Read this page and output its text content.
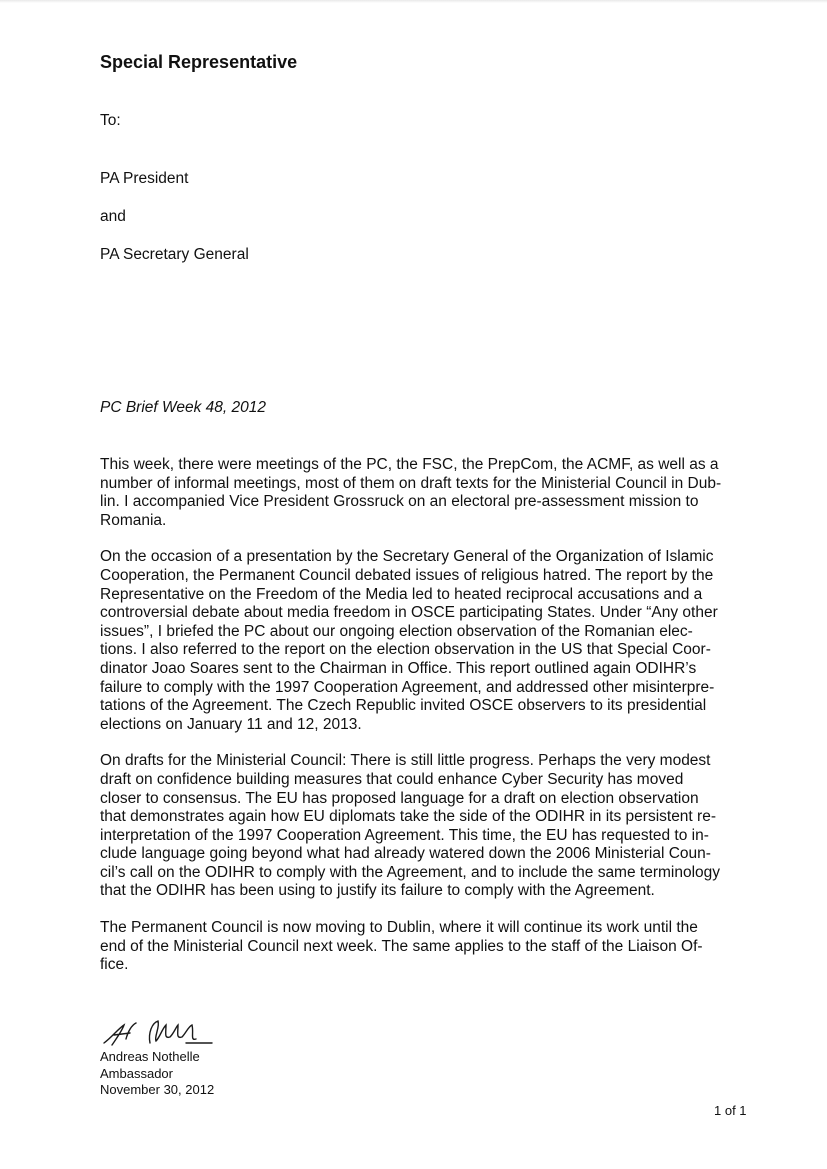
Special Representative

To:

PA President

and

PA Secretary General

PC Brief Week 48, 2012

This week, there were meetings of the PC, the FSC, the PrepCom, the ACMF, as well as a
number of informal meetings, most of them on draft texts for the Ministerial Council in Dub-
lin. I accompanied Vice President Grossruck on an electoral pre-assessment mission to
Romania.

On the occasion of a presentation by the Secretary General of the Organization of Islamic
Cooperation, the Permanent Council debated issues of religious hatred. The report by the
Representative on the Freedom of the Media led to heated reciprocal accusations and a
controversial debate about media freedom in OSCE participating States. Under “Any other
issues”, I briefed the PC about our ongoing election observation of the Romanian elec-
tions. I also referred to the report on the election observation in the US that Special Coor-
dinator Joao Soares sent to the Chairman in Office. This report outlined again ODIHR’s
failure to comply with the 1997 Cooperation Agreement, and addressed other misinterpre-
tations of the Agreement. The Czech Republic invited OSCE observers to its presidential
elections on January 11 and 12, 2013.

On drafts for the Ministerial Council: There is still little progress. Perhaps the very modest
draft on confidence building measures that could enhance Cyber Security has moved
closer to consensus. The EU has proposed language for a draft on election observation
that demonstrates again how EU diplomats take the side of the ODIHR in its persistent re-
interpretation of the 1997 Cooperation Agreement. This time, the EU has requested to in-
clude language going beyond what had already watered down the 2006 Ministerial Coun-
cil’s call on the ODIHR to comply with the Agreement, and to include the same terminology
that the ODIHR has been using to justify its failure to comply with the Agreement.

The Permanent Council is now moving to Dublin, where it will continue its work until the
end of the Ministerial Council next week. The same applies to the staff of the Liaison Of-
fice.

Andreas Nothelle
Ambassador
November 30, 2012
1 of 1
